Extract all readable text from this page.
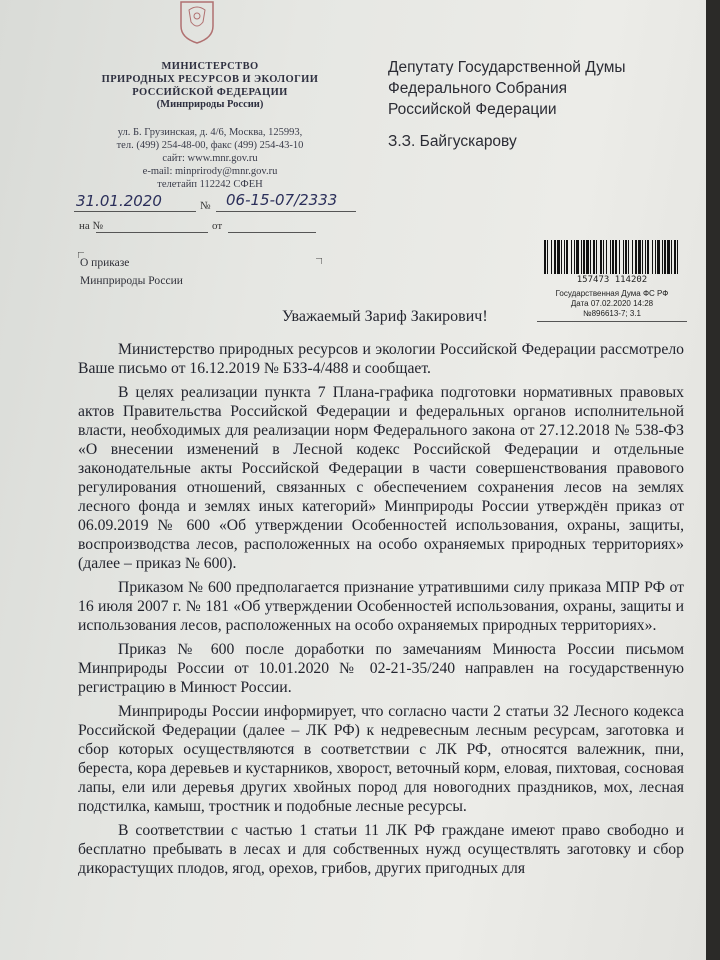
МИНИСТЕРСТВО
ПРИРОДНЫХ РЕСУРСОВ И ЭКОЛОГИИ
РОССИЙСКОЙ ФЕДЕРАЦИИ
(Минприроды России)
ул. Б. Грузинская, д. 4/6, Москва, 125993,
тел. (499) 254-48-00, факс (499) 254-43-10
сайт: www.mnr.gov.ru
e-mail: minprirody@mnr.gov.ru
телетайп 112242 СФЕН
31.01.2020	№ 06-15-07/2333
на №	от
Депутату Государственной Думы
Федерального Собрания
Российской Федерации
З.З. Байгускарову
О приказе
Минприроды России	157473 114202
Государственная Дума ФС РФ
Дата 07.02.2020 14:28
№896613-7; 3.1
Уважаемый Зариф Закирович!

Министерство природных ресурсов и экологии Российской Федерации рассмотрело Ваше письмо от 16.12.2019 № БЗЗ-4/488 и сообщает.

В целях реализации пункта 7 Плана-графика подготовки нормативных правовых актов Правительства Российской Федерации и федеральных органов исполнительной власти, необходимых для реализации норм Федерального закона от 27.12.2018 № 538-ФЗ «О внесении изменений в Лесной кодекс Российской Федерации и отдельные законодательные акты Российской Федерации в части совершенствования правового регулирования отношений, связанных с обеспечением сохранения лесов на землях лесного фонда и землях иных категорий» Минприроды России утверждён приказ от 06.09.2019 № 600 «Об утверждении Особенностей использования, охраны, защиты, воспроизводства лесов, расположенных на особо охраняемых природных территориях» (далее – приказ № 600).

Приказом № 600 предполагается признание утратившими силу приказа МПР РФ от 16 июля 2007 г. № 181 «Об утверждении Особенностей использования, охраны, защиты и использования лесов, расположенных на особо охраняемых природных территориях».

Приказ № 600 после доработки по замечаниям Минюста России письмом Минприроды России от 10.01.2020 № 02-21-35/240 направлен на государственную регистрацию в Минюст России.

Минприроды России информирует, что согласно части 2 статьи 32 Лесного кодекса Российской Федерации (далее – ЛК РФ) к недревесным лесным ресурсам, заготовка и сбор которых осуществляются в соответствии с ЛК РФ, относятся валежник, пни, береста, кора деревьев и кустарников, хворост, веточный корм, еловая, пихтовая, сосновая лапы, ели или деревья других хвойных пород для новогодних праздников, мох, лесная подстилка, камыш, тростник и подобные лесные ресурсы.

В соответствии с частью 1 статьи 11 ЛК РФ граждане имеют право свободно и бесплатно пребывать в лесах и для собственных нужд осуществлять заготовку и сбор дикорастущих плодов, ягод, орехов, грибов, других пригодных для
